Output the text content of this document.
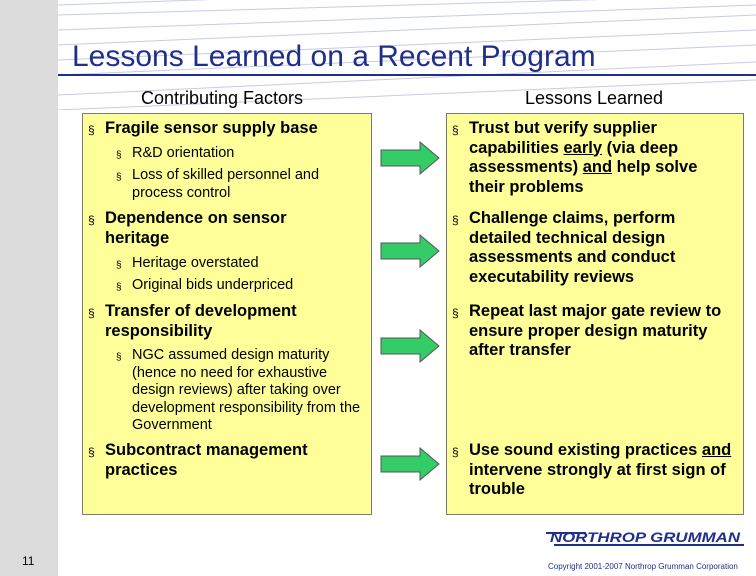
Lessons Learned on a Recent Program
Contributing Factors	Lessons Learned
§ Fragile sensor supply base
§ R&D orientation
§ Loss of skilled personnel and process control
§ Dependence on sensor heritage
§ Heritage overstated
§ Original bids underpriced
§ Transfer of development responsibility
§ NGC assumed design maturity (hence no need for exhaustive design reviews) after taking over development responsibility from the Government
§ Subcontract management practices
§ Trust but verify supplier capabilities early (via deep assessments) and help solve their problems
§ Challenge claims, perform detailed technical design assessments and conduct executability reviews
§ Repeat last major gate review to ensure proper design maturity after transfer
§ Use sound existing practices and intervene strongly at first sign of trouble
11
NORTHROP GRUMMAN
Copyright 2001-2007 Northrop Grumman Corporation
